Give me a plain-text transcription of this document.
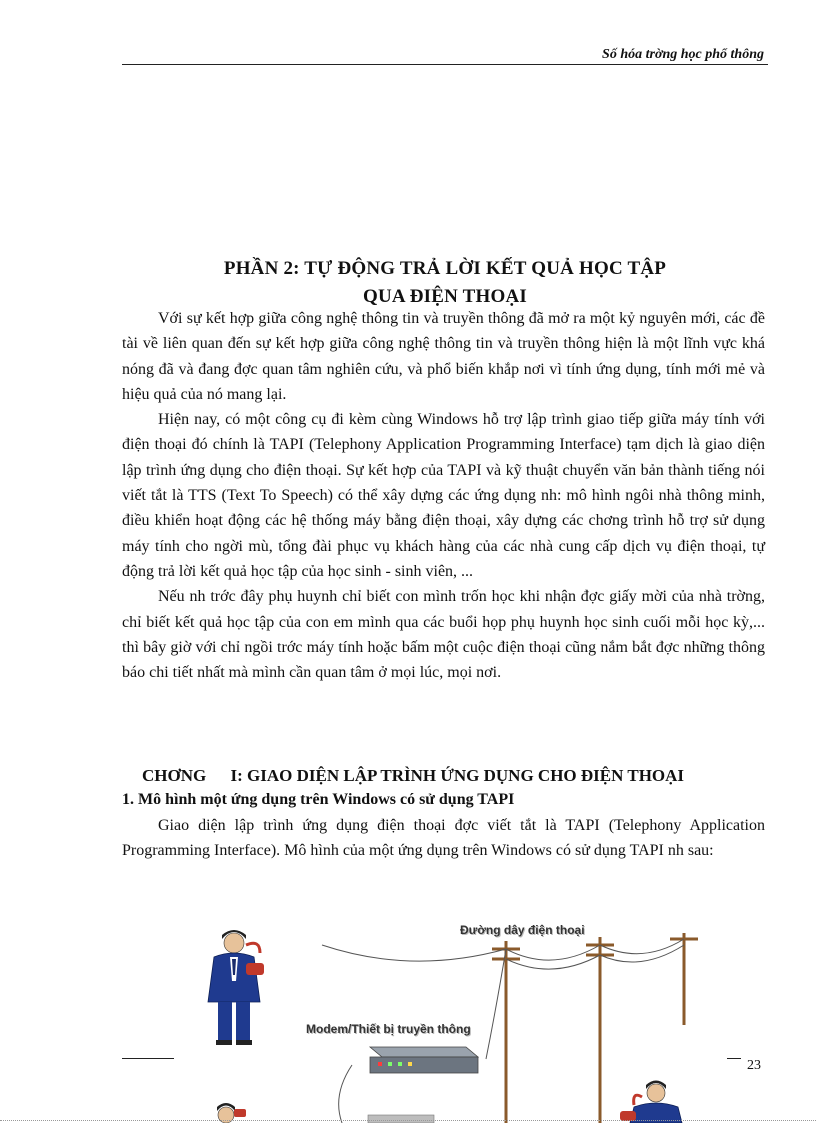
Số hóa trờng học phổ thông
PHẦN 2: TỰ ĐỘNG TRẢ LỜI KẾT QUẢ HỌC TẬP
QUA ĐIỆN THOẠI

Với sự kết hợp giữa công nghệ thông tin và truyền thông đã mở ra một kỷ nguyên mới, các đề tài về liên quan đến sự kết hợp giữa công nghệ thông tin và truyền thông hiện là một lĩnh vực khá nóng đã và đang đợc quan tâm nghiên cứu, và phổ biến khắp nơi vì tính ứng dụng, tính mới mẻ và hiệu quả của nó mang lại.

Hiện nay, có một công cụ đi kèm cùng Windows hỗ trợ lập trình giao tiếp giữa máy tính với điện thoại đó chính là TAPI (Telephony Application Programming Interface) tạm dịch là giao diện lập trình ứng dụng cho điện thoại. Sự kết hợp của TAPI và kỹ thuật chuyển văn bản thành tiếng nói viết tắt là TTS (Text To Speech) có thể xây dựng các ứng dụng nh: mô hình ngôi nhà thông minh, điều khiển hoạt động các hệ thống máy bằng điện thoại, xây dựng các chơng trình hỗ trợ sử dụng máy tính cho ngời mù, tổng đài phục vụ khách hàng của các nhà cung cấp dịch vụ điện thoại, tự động trả lời kết quả học tập của học sinh - sinh viên, ...

Nếu nh trớc đây phụ huynh chỉ biết con mình trốn học khi nhận đợc giấy mời của nhà trờng, chỉ biết kết quả học tập của con em mình qua các buổi họp phụ huynh học sinh cuối mỗi học kỳ,... thì bây giờ với chỉ ngồi trớc máy tính hoặc bấm một cuộc điện thoại cũng nắm bắt đợc những thông báo chi tiết nhất mà mình cần quan tâm ở mọi lúc, mọi nơi.

CHƠNG I: GIAO DIỆN LẬP TRÌNH ỨNG DỤNG CHO ĐIỆN THOẠI
1. Mô hình một ứng dụng trên Windows có sử dụng TAPI

Giao diện lập trình ứng dụng điện thoại đợc viết tắt là TAPI (Telephony Application Programming Interface). Mô hình của một ứng dụng trên Windows có sử dụng TAPI nh sau:

Đường dây điện thoại
Modem/Thiết bị truyền thông
23
